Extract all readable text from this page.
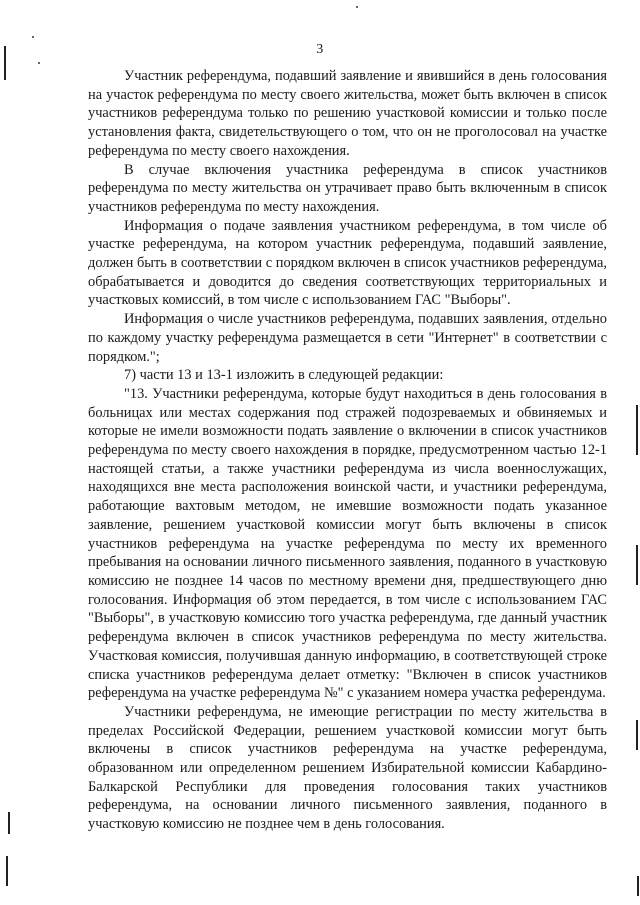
3

Участник референдума, подавший заявление и явившийся в день голосования на участок референдума по месту своего жительства, может быть включен в список участников референдума только по решению участковой комиссии и только после установления факта, свидетельствующего о том, что он не проголосовал на участке референдума по месту своего нахождения.

В случае включения участника референдума в список участников референдума по месту жительства он утрачивает право быть включенным в список участников референдума по месту нахождения.

Информация о подаче заявления участником референдума, в том числе об участке референдума, на котором участник референдума, подавший заявление, должен быть в соответствии с порядком включен в список участников референдума, обрабатывается и доводится до сведения соответствующих территориальных и участковых комиссий, в том числе с использованием ГАС "Выборы".

Информация о числе участников референдума, подавших заявления, отдельно по каждому участку референдума размещается в сети "Интернет" в соответствии с порядком.";

7) части 13 и 13-1 изложить в следующей редакции:

"13. Участники референдума, которые будут находиться в день голосования в больницах или местах содержания под стражей подозреваемых и обвиняемых и которые не имели возможности подать заявление о включении в список участников референдума по месту своего нахождения в порядке, предусмотренном частью 12-1 настоящей статьи, а также участники референдума из числа военнослужащих, находящихся вне места расположения воинской части, и участники референдума, работающие вахтовым методом, не имевшие возможности подать указанное заявление, решением участковой комиссии могут быть включены в список участников референдума на участке референдума по месту их временного пребывания на основании личного письменного заявления, поданного в участковую комиссию не позднее 14 часов по местному времени дня, предшествующего дню голосования. Информация об этом передается, в том числе с использованием ГАС "Выборы", в участковую комиссию того участка референдума, где данный участник референдума включен в список участников референдума по месту жительства. Участковая комиссия, получившая данную информацию, в соответствующей строке списка участников референдума делает отметку: "Включен в список участников референдума на участке референдума №" с указанием номера участка референдума.

Участники референдума, не имеющие регистрации по месту жительства в пределах Российской Федерации, решением участковой комиссии могут быть включены в список участников референдума на участке референдума, образованном или определенном решением Избирательной комиссии Кабардино-Балкарской Республики для проведения голосования таких участников референдума, на основании личного письменного заявления, поданного в участковую комиссию не позднее чем в день голосования.
